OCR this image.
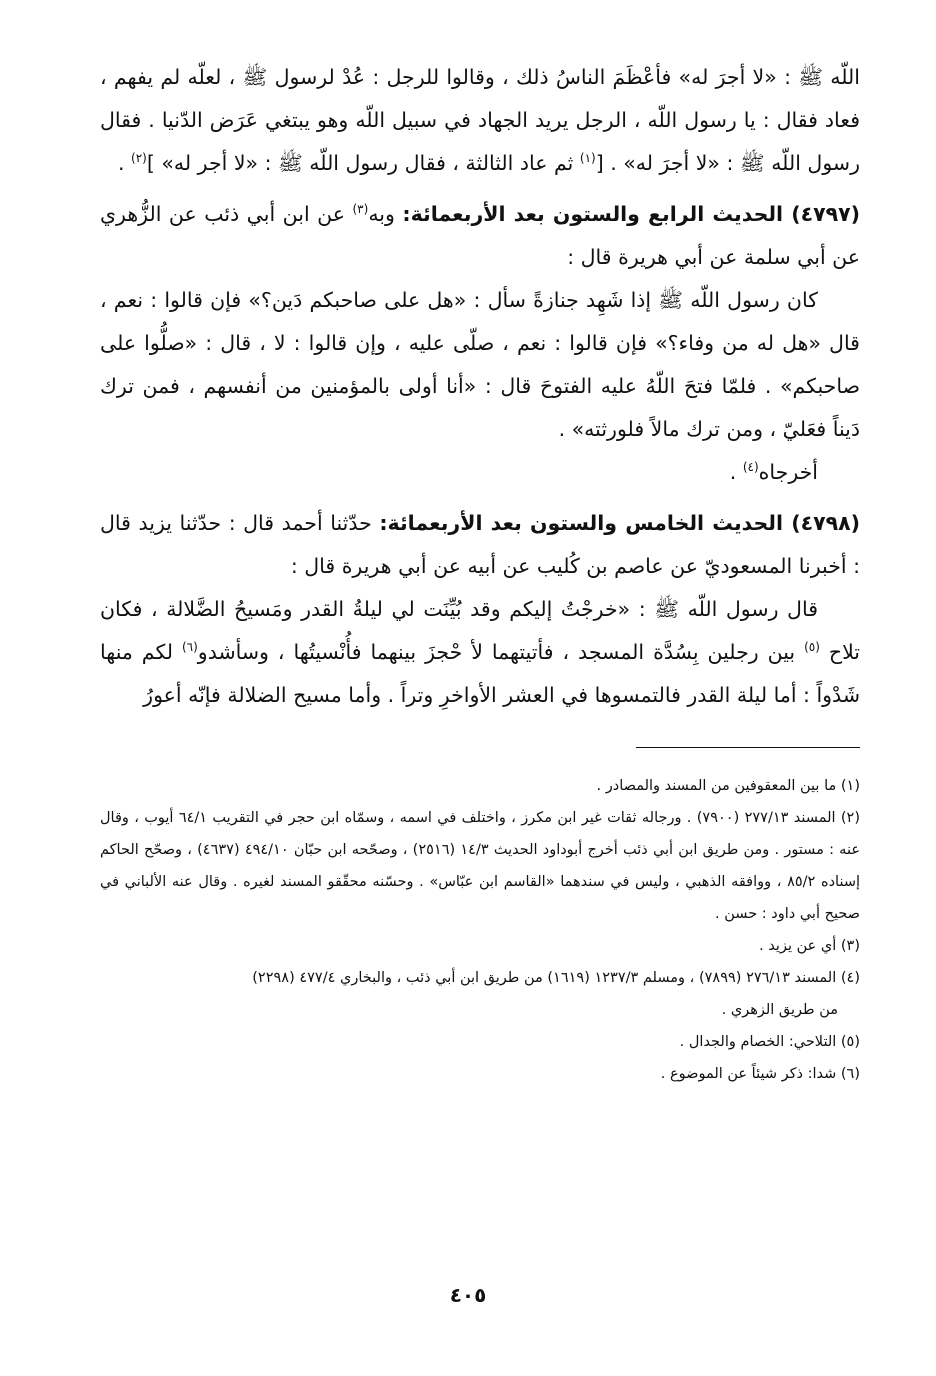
اللّه ﷺ : «لا أجرَ له» فأعْظَمَ الناسُ ذلك ، وقالوا للرجل : عُدْ لرسول ﷺ ، لعلّه لم يفهم ، فعاد فقال : يا رسول اللّه ، الرجل يريد الجهاد في سبيل اللّه وهو يبتغي عَرَض الدّنيا . فقال رسول اللّه ﷺ : «لا أجرَ له» . [$^{(١)}$ ثم عاد الثالثة ، فقال رسول اللّه ﷺ : «لا أجر له» ]$^{(٢)}$ .

(٤٧٩٧) الحديث الرابع والستون بعد الأربعمائة: وبه$^{(٣)}$ عن ابن أبي ذئب عن الزُّهري عن أبي سلمة عن أبي هريرة قال :

كان رسول اللّه ﷺ إذا شَهِد جنازةً سأل : «هل على صاحبكم دَين؟» فإن قالوا : نعم ، قال «هل له من وفاء؟» فإن قالوا : نعم ، صلّى عليه ، وإن قالوا : لا ، قال : «صلُّوا على صاحبكم» . فلمّا فتحَ اللّهُ عليه الفتوحَ قال : «أنا أولى بالمؤمنين من أنفسهم ، فمن ترك دَيناً فعَليّ ، ومن ترك مالاً فلورثته» .

أخرجاه$^{(٤)}$ .

(٤٧٩٨) الحديث الخامس والستون بعد الأربعمائة: حدّثنا أحمد قال : حدّثنا يزيد قال : أخبرنا المسعوديّ عن عاصم بن كُليب عن أبيه عن أبي هريرة قال :

قال رسول اللّه ﷺ : «خرجْتُ إليكم وقد بُيِّنَت لي ليلةُ القدر ومَسيحُ الضَّلالة ، فكان تلاح $^{(٥)}$ بين رجلين بِسُدَّة المسجد ، فأتيتهما لأ حْجزَ بينهما فأُنْسيتُها ، وسأشدو$^{(٦)}$ لكم منها شَدْواً : أما ليلة القدر فالتمسوها في العشر الأواخرِ وتراً . وأما مسيح الضلالة فإنّه أعورُ

(١) ما بين المعقوفين من المسند والمصادر .

(٢) المسند ٢٧٧/١٣ (٧٩٠٠) . ورجاله ثقات غير ابن مكرز ، واختلف في اسمه ، وسمّاه ابن حجر في التقريب ٦٤/١ أيوب ، وقال عنه : مستور . ومن طريق ابن أبي ذئب أخرج أبوداود الحديث ١٤/٣ (٢٥١٦) ، وصحّحه ابن حبّان ٤٩٤/١٠ (٤٦٣٧) ، وصحّح الحاكم إسناده ٨٥/٢ ، ووافقه الذهبي ، وليس في سندهما «القاسم ابن عبّاس» . وحسّنه محقّقو المسند لغيره . وقال عنه الألباني في صحيح أبي داود : حسن .

(٣) أي عن يزيد .

(٤) المسند ٢٧٦/١٣ (٧٨٩٩) ، ومسلم ١٢٣٧/٣ (١٦١٩) من طريق ابن أبي ذئب ، والبخاري ٤٧٧/٤ (٢٢٩٨)

من طريق الزهري .

(٥) التلاحي: الخصام والجدال .

(٦) شدا: ذكر شيئاً عن الموضوع .

٤٠٥
